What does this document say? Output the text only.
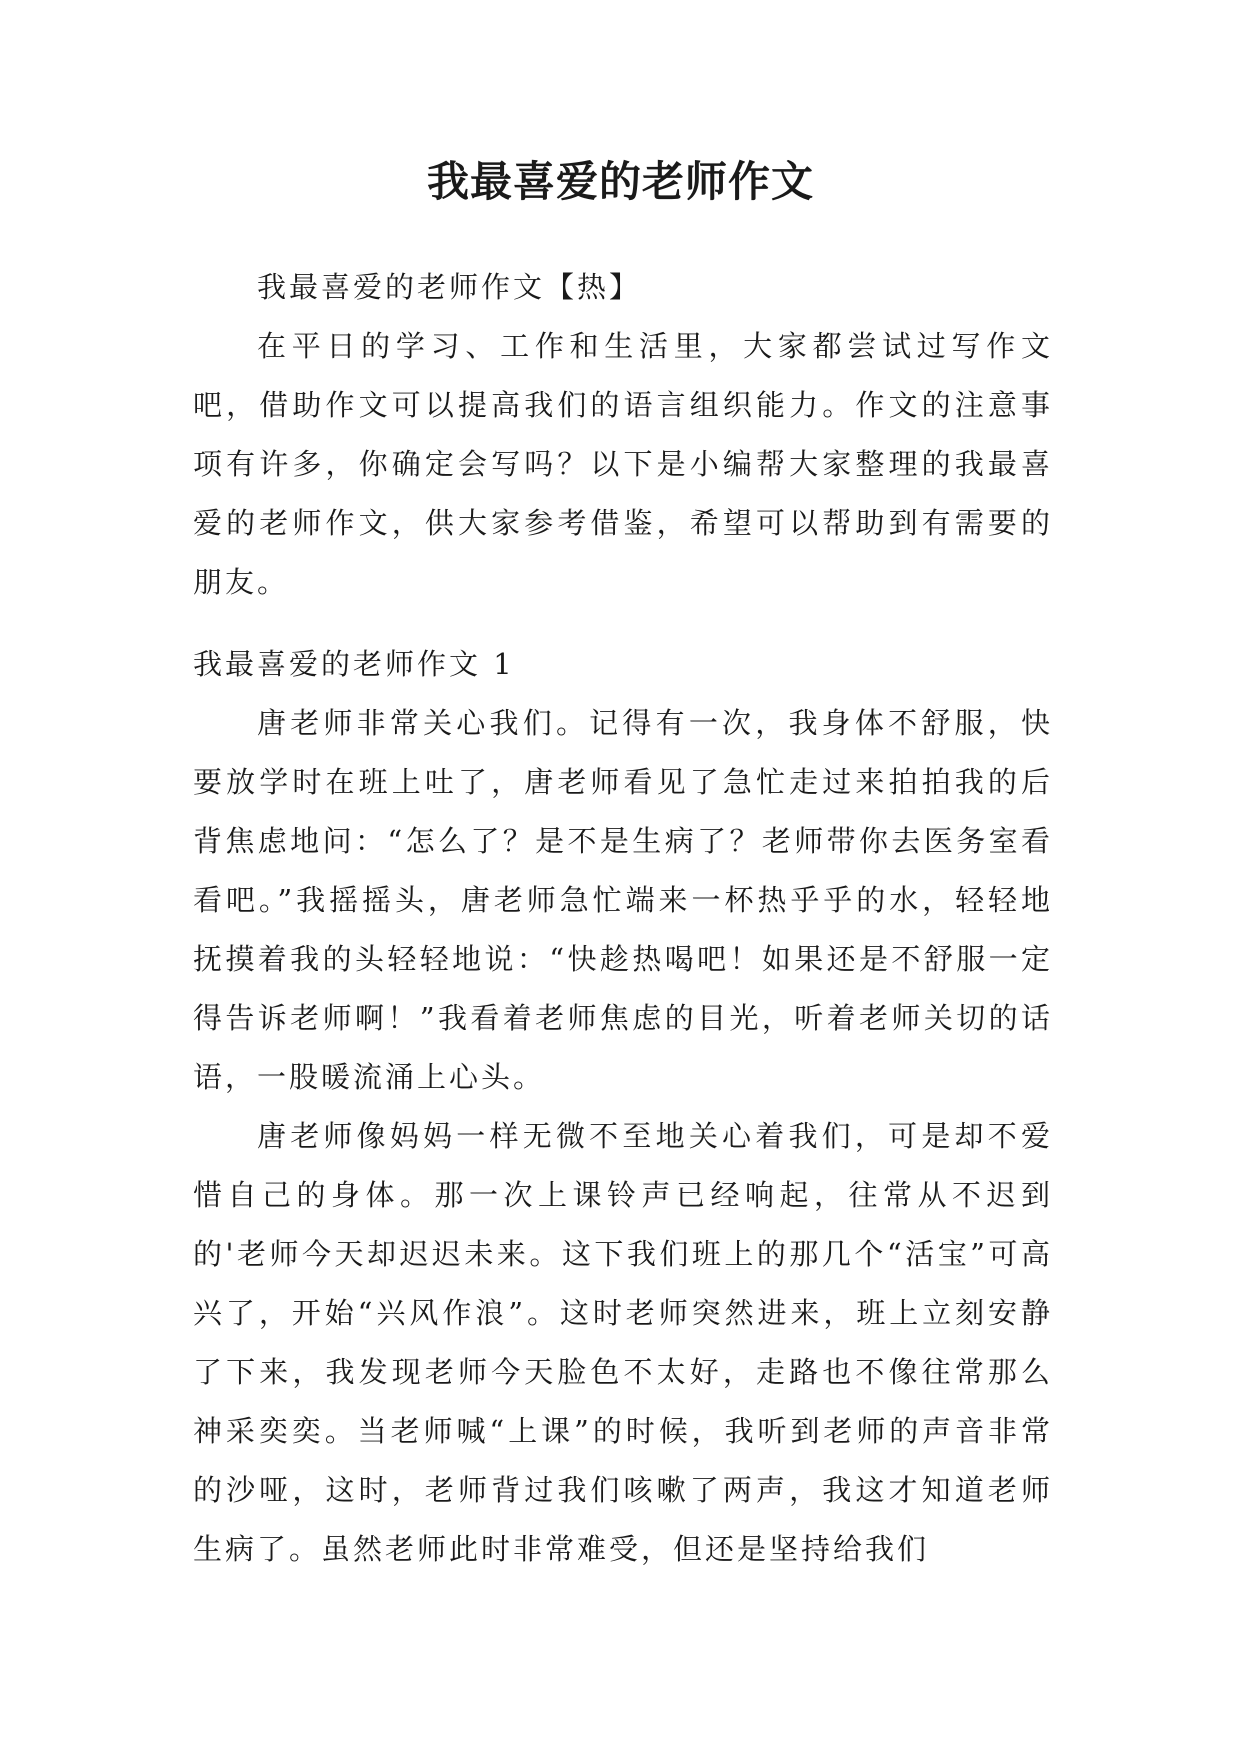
我最喜爱的老师作文

我最喜爱的老师作文【热】

在平日的学习、工作和生活里，大家都尝试过写作文吧，借助作文可以提高我们的语言组织能力。作文的注意事项有许多，你确定会写吗？以下是小编帮大家整理的我最喜爱的老师作文，供大家参考借鉴，希望可以帮助到有需要的朋友。

我最喜爱的老师作文 1

唐老师非常关心我们。记得有一次，我身体不舒服，快要放学时在班上吐了，唐老师看见了急忙走过来拍拍我的后背焦虑地问：“怎么了？是不是生病了？老师带你去医务室看看吧。”我摇摇头，唐老师急忙端来一杯热乎乎的水，轻轻地抚摸着我的头轻轻地说：“快趁热喝吧！如果还是不舒服一定得告诉老师啊！”我看着老师焦虑的目光，听着老师关切的话语，一股暖流涌上心头。

唐老师像妈妈一样无微不至地关心着我们，可是却不爱惜自己的身体。那一次上课铃声已经响起，往常从不迟到的'老师今天却迟迟未来。这下我们班上的那几个“活宝”可高兴了，开始“兴风作浪”。这时老师突然进来，班上立刻安静了下来，我发现老师今天脸色不太好，走路也不像往常那么神采奕奕。当老师喊“上课”的时候，我听到老师的声音非常的沙哑，这时，老师背过我们咳嗽了两声，我这才知道老师生病了。虽然老师此时非常难受，但还是坚持给我们
